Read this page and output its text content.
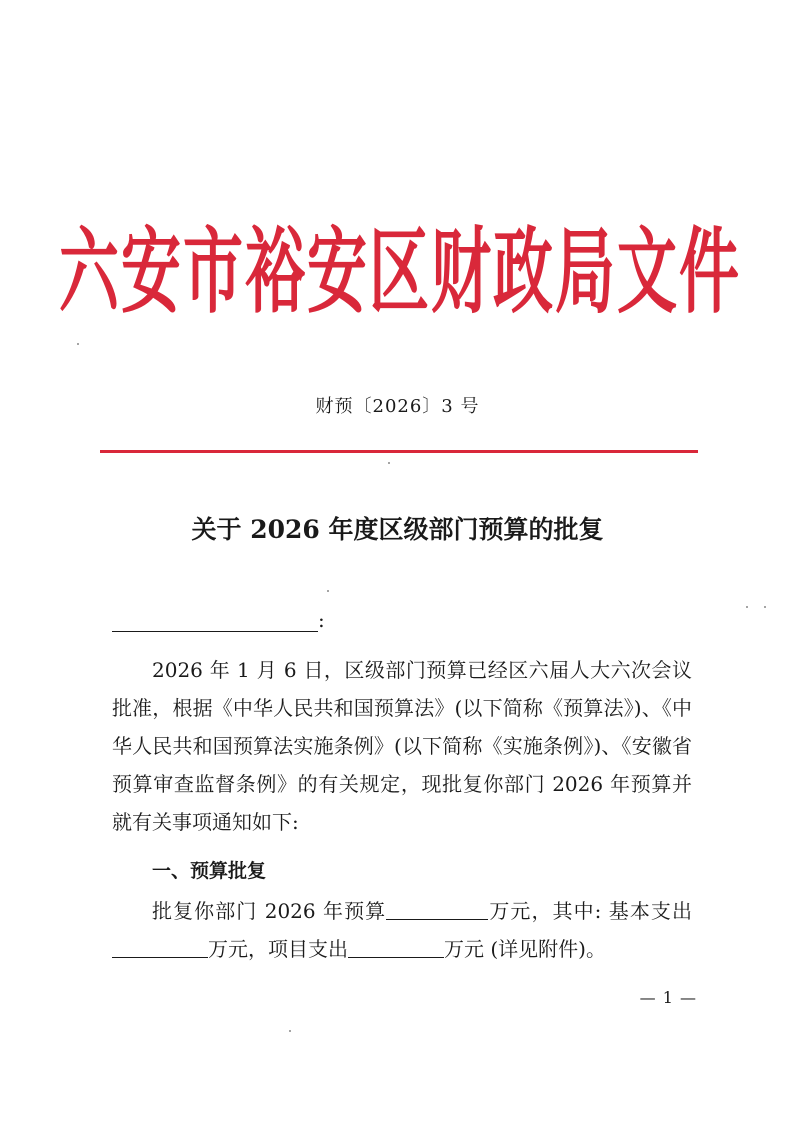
六安市裕安区财政局文件
财预〔2026〕3 号
关于 2026 年度区级部门预算的批复
:

2026 年 1 月 6 日，区级部门预算已经区六届人大六次会议批准，根据《中华人民共和国预算法》(以下简称《预算法》)、《中华人民共和国预算法实施条例》(以下简称《实施条例》)、《安徽省预算审查监督条例》的有关规定，现批复你部门 2026 年预算并就有关事项通知如下:

一、预算批复

批复你部门 2026 年预算	万元，其中: 基本支出万元，项目支出	万元 (详见附件)。

— 1 —
